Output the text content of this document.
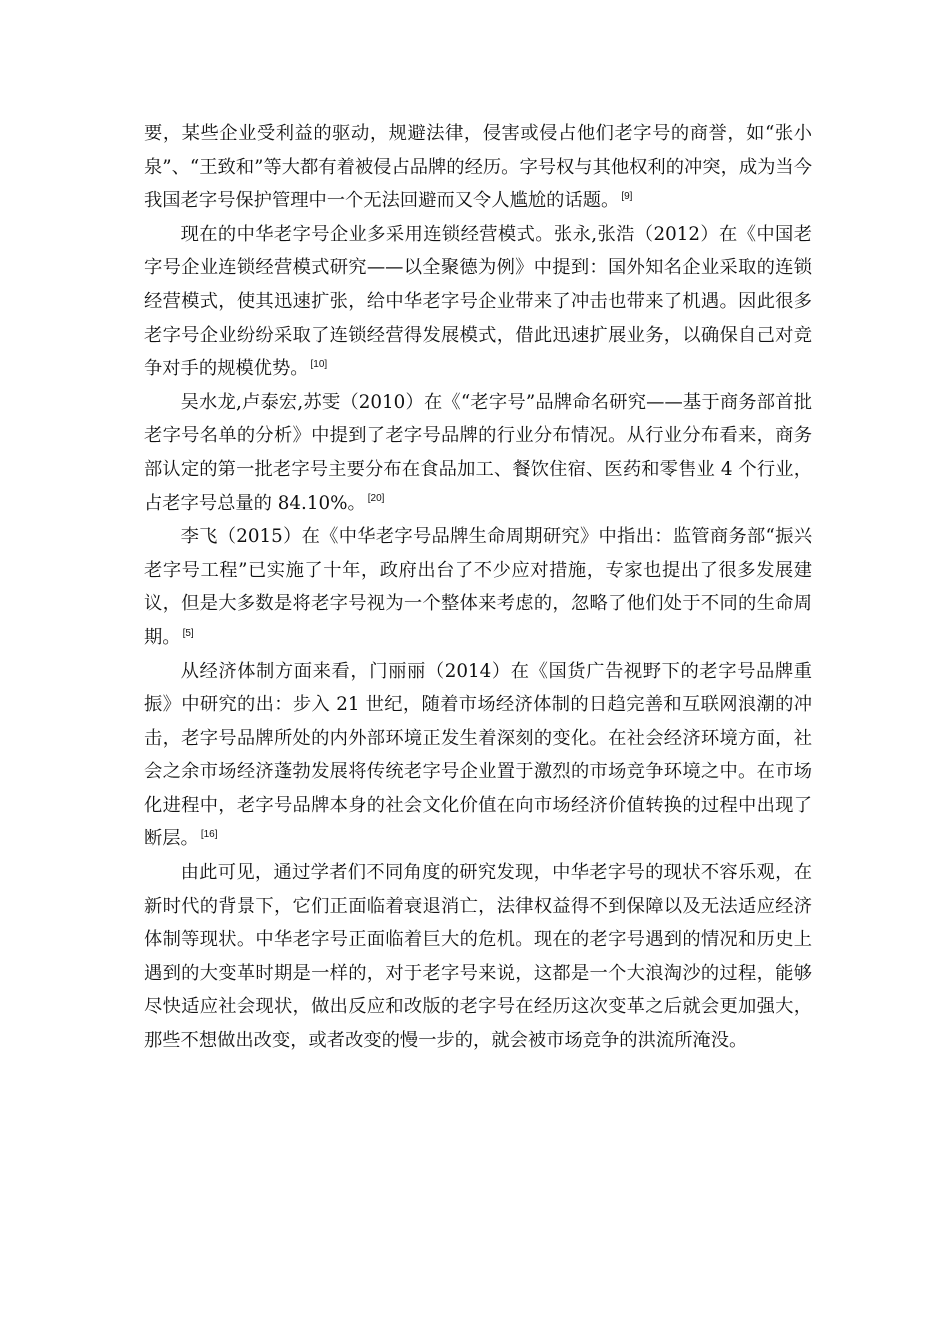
要，某些企业受利益的驱动，规避法律，侵害或侵占他们老字号的商誉，如“张小泉”、“王致和”等大都有着被侵占品牌的经历。字号权与其他权利的冲突，成为当今我国老字号保护管理中一个无法回避而又令人尴尬的话题。 [9]

现在的中华老字号企业多采用连锁经营模式。张永,张浩（2012）在《中国老字号企业连锁经营模式研究——以全聚德为例》中提到：国外知名企业采取的连锁经营模式，使其迅速扩张，给中华老字号企业带来了冲击也带来了机遇。因此很多老字号企业纷纷采取了连锁经营得发展模式，借此迅速扩展业务，以确保自己对竞争对手的规模优势。 [10]

吴水龙,卢泰宏,苏雯（2010）在《“老字号”品牌命名研究——基于商务部首批老字号名单的分析》中提到了老字号品牌的行业分布情况。从行业分布看来，商务部认定的第一批老字号主要分布在食品加工、餐饮住宿、医药和零售业 4 个行业，占老字号总量的 84.10%。 [20]

李飞（2015）在《中华老字号品牌生命周期研究》中指出：监管商务部“振兴老字号工程”已实施了十年，政府出台了不少应对措施，专家也提出了很多发展建议，但是大多数是将老字号视为一个整体来考虑的，忽略了他们处于不同的生命周期。 [5]

从经济体制方面来看，门丽丽（2014）在《国货广告视野下的老字号品牌重振》中研究的出：步入 21 世纪，随着市场经济体制的日趋完善和互联网浪潮的冲击，老字号品牌所处的内外部环境正发生着深刻的变化。在社会经济环境方面，社会之余市场经济蓬勃发展将传统老字号企业置于激烈的市场竞争环境之中。在市场化进程中，老字号品牌本身的社会文化价值在向市场经济价值转换的过程中出现了断层。 [16]

由此可见，通过学者们不同角度的研究发现，中华老字号的现状不容乐观，在新时代的背景下，它们正面临着衰退消亡，法律权益得不到保障以及无法适应经济体制等现状。中华老字号正面临着巨大的危机。现在的老字号遇到的情况和历史上遇到的大变革时期是一样的，对于老字号来说，这都是一个大浪淘沙的过程，能够尽快适应社会现状，做出反应和改版的老字号在经历这次变革之后就会更加强大，那些不想做出改变，或者改变的慢一步的，就会被市场竞争的洪流所淹没。
